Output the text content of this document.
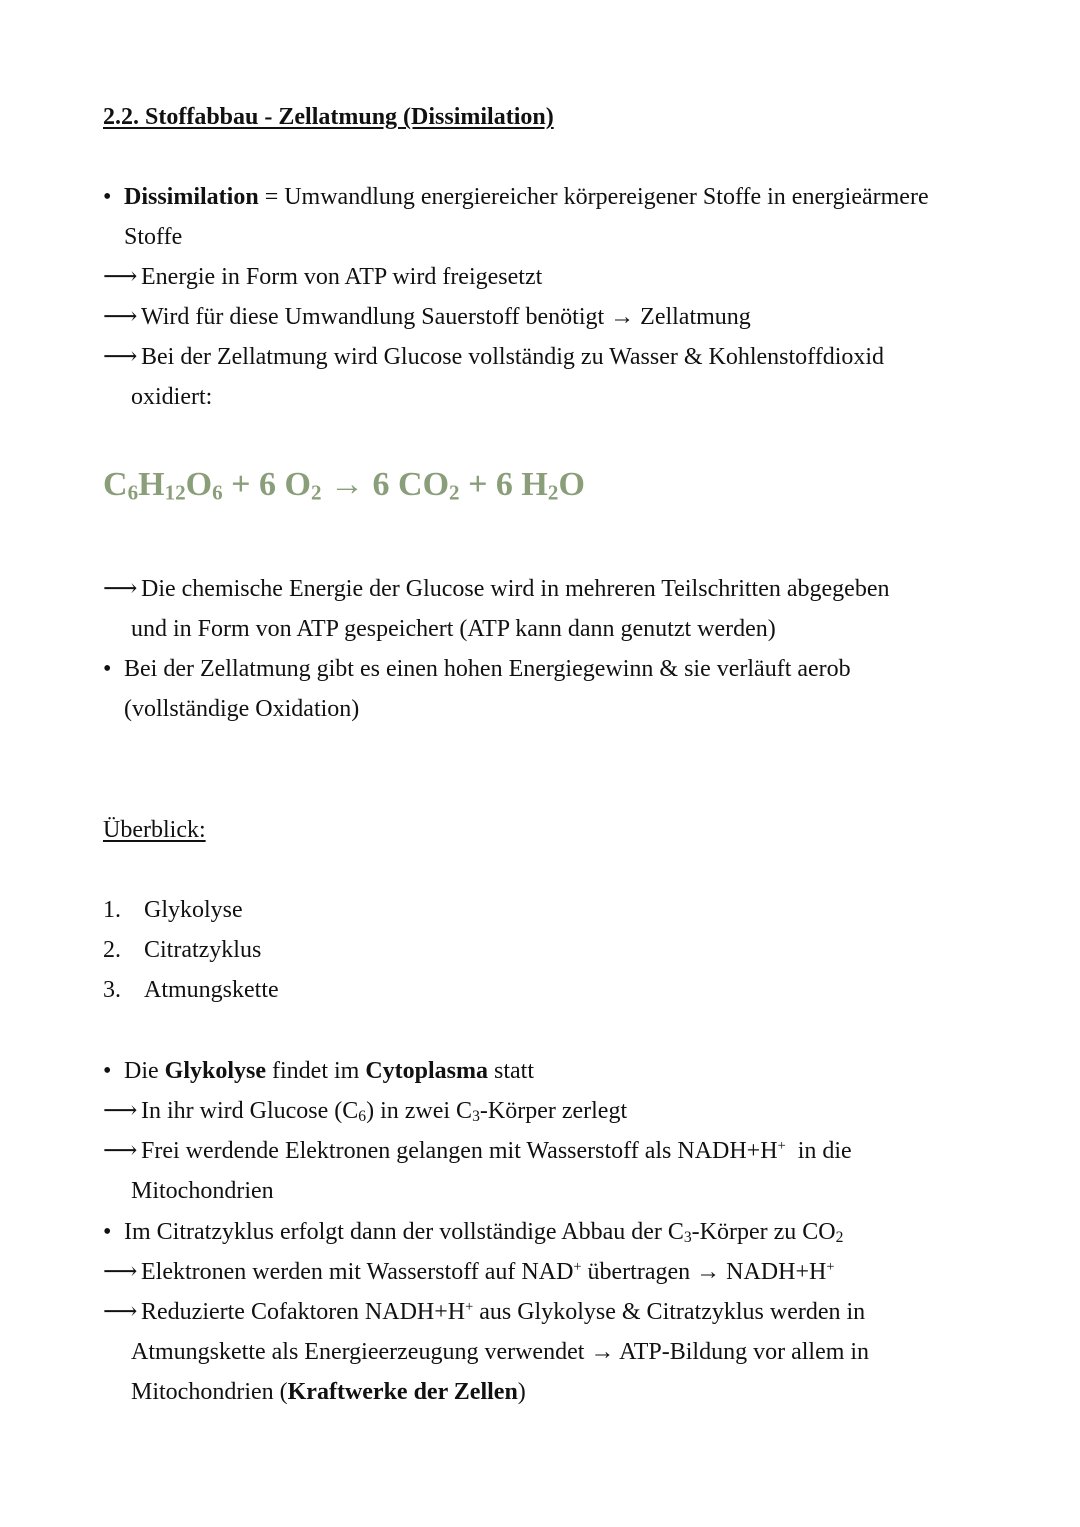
2.2. Stoffabbau - Zellatmung (Dissimilation)
• Dissimilation = Umwandlung energiereicher körpereigener Stoffe in energieärmere
Stoffe
⟶ Energie in Form von ATP wird freigesetzt
⟶ Wird für diese Umwandlung Sauerstoff benötigt → Zellatmung
⟶ Bei der Zellatmung wird Glucose vollständig zu Wasser & Kohlenstoffdioxid
oxidiert:
$C_6H_{12}O_6 + 6$ $O_2 \to 6$ $CO_2 + 6$ $H_2O$
⟶ Die chemische Energie der Glucose wird in mehreren Teilschritten abgegeben
und in Form von ATP gespeichert (ATP kann dann genutzt werden)
• Bei der Zellatmung gibt es einen hohen Energiegewinn & sie verläuft aerob
(vollständige Oxidation)
Überblick:
1. Glykolyse
2. Citratzyklus
3. Atmungskette
• Die Glykolyse findet im Cytoplasma statt
⟶ In ihr wird Glucose $(C_6)$ in zwei $C_3$-Körper zerlegt
⟶ Frei werdende Elektronen gelangen mit Wasserstoff als NADH+H+  in die
Mitochondrien
• Im Citratzyklus erfolgt dann der vollständige Abbau der $C_3$-Körper zu $CO_2$
⟶ Elektronen werden mit Wasserstoff auf NAD+ übertragen → NADH+H+
⟶ Reduzierte Cofaktoren NADH+H+ aus Glykolyse & Citratzyklus werden in
Atmungskette als Energieerzeugung verwendet → ATP-Bildung vor allem in
Mitochondrien (Kraftwerke der Zellen)
